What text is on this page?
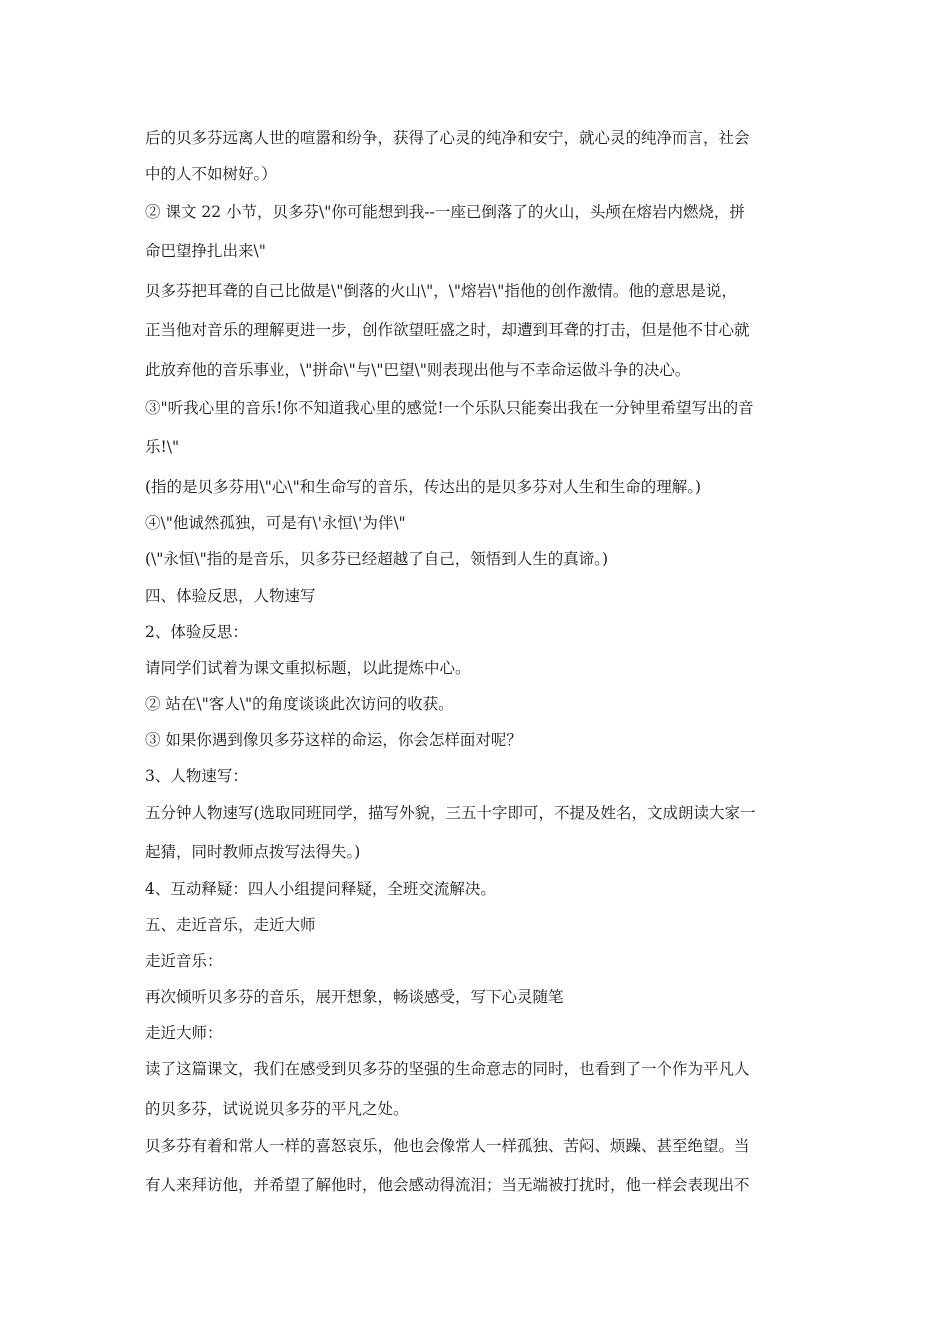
后的贝多芬远离人世的喧嚣和纷争，获得了心灵的纯净和安宁，就心灵的纯净而言，社会
中的人不如树好。）
② 课文 22 小节，贝多芬\"你可能想到我--一座已倒落了的火山，头颅在熔岩内燃烧，拼
命巴望挣扎出来\"
贝多芬把耳聋的自己比做是\"倒落的火山\"，\"熔岩\"指他的创作激情。他的意思是说，
正当他对音乐的理解更进一步，创作欲望旺盛之时，却遭到耳聋的打击，但是他不甘心就
此放弃他的音乐事业，\"拼命\"与\"巴望\"则表现出他与不幸命运做斗争的决心。
③"听我心里的音乐!你不知道我心里的感觉!一个乐队只能奏出我在一分钟里希望写出的音
乐!\"
(指的是贝多芬用\"心\"和生命写的音乐，传达出的是贝多芬对人生和生命的理解。)
④\"他诚然孤独，可是有\'永恒\'为伴\"
(\"永恒\"指的是音乐，贝多芬已经超越了自己，领悟到人生的真谛。)
四、体验反思，人物速写
2、体验反思：
请同学们试着为课文重拟标题，以此提炼中心。
② 站在\"客人\"的角度谈谈此次访问的收获。
③ 如果你遇到像贝多芬这样的命运，你会怎样面对呢？
3、人物速写：
五分钟人物速写(选取同班同学，描写外貌，三五十字即可，不提及姓名，文成朗读大家一
起猜，同时教师点拨写法得失。)
4、互动释疑：四人小组提问释疑，全班交流解决。
五、走近音乐，走近大师
走近音乐：
再次倾听贝多芬的音乐，展开想象，畅谈感受，写下心灵随笔
走近大师：
读了这篇课文，我们在感受到贝多芬的坚强的生命意志的同时，也看到了一个作为平凡人
的贝多芬，试说说贝多芬的平凡之处。
贝多芬有着和常人一样的喜怒哀乐，他也会像常人一样孤独、苦闷、烦躁、甚至绝望。当
有人来拜访他，并希望了解他时，他会感动得流泪；当无端被打扰时，他一样会表现出不
